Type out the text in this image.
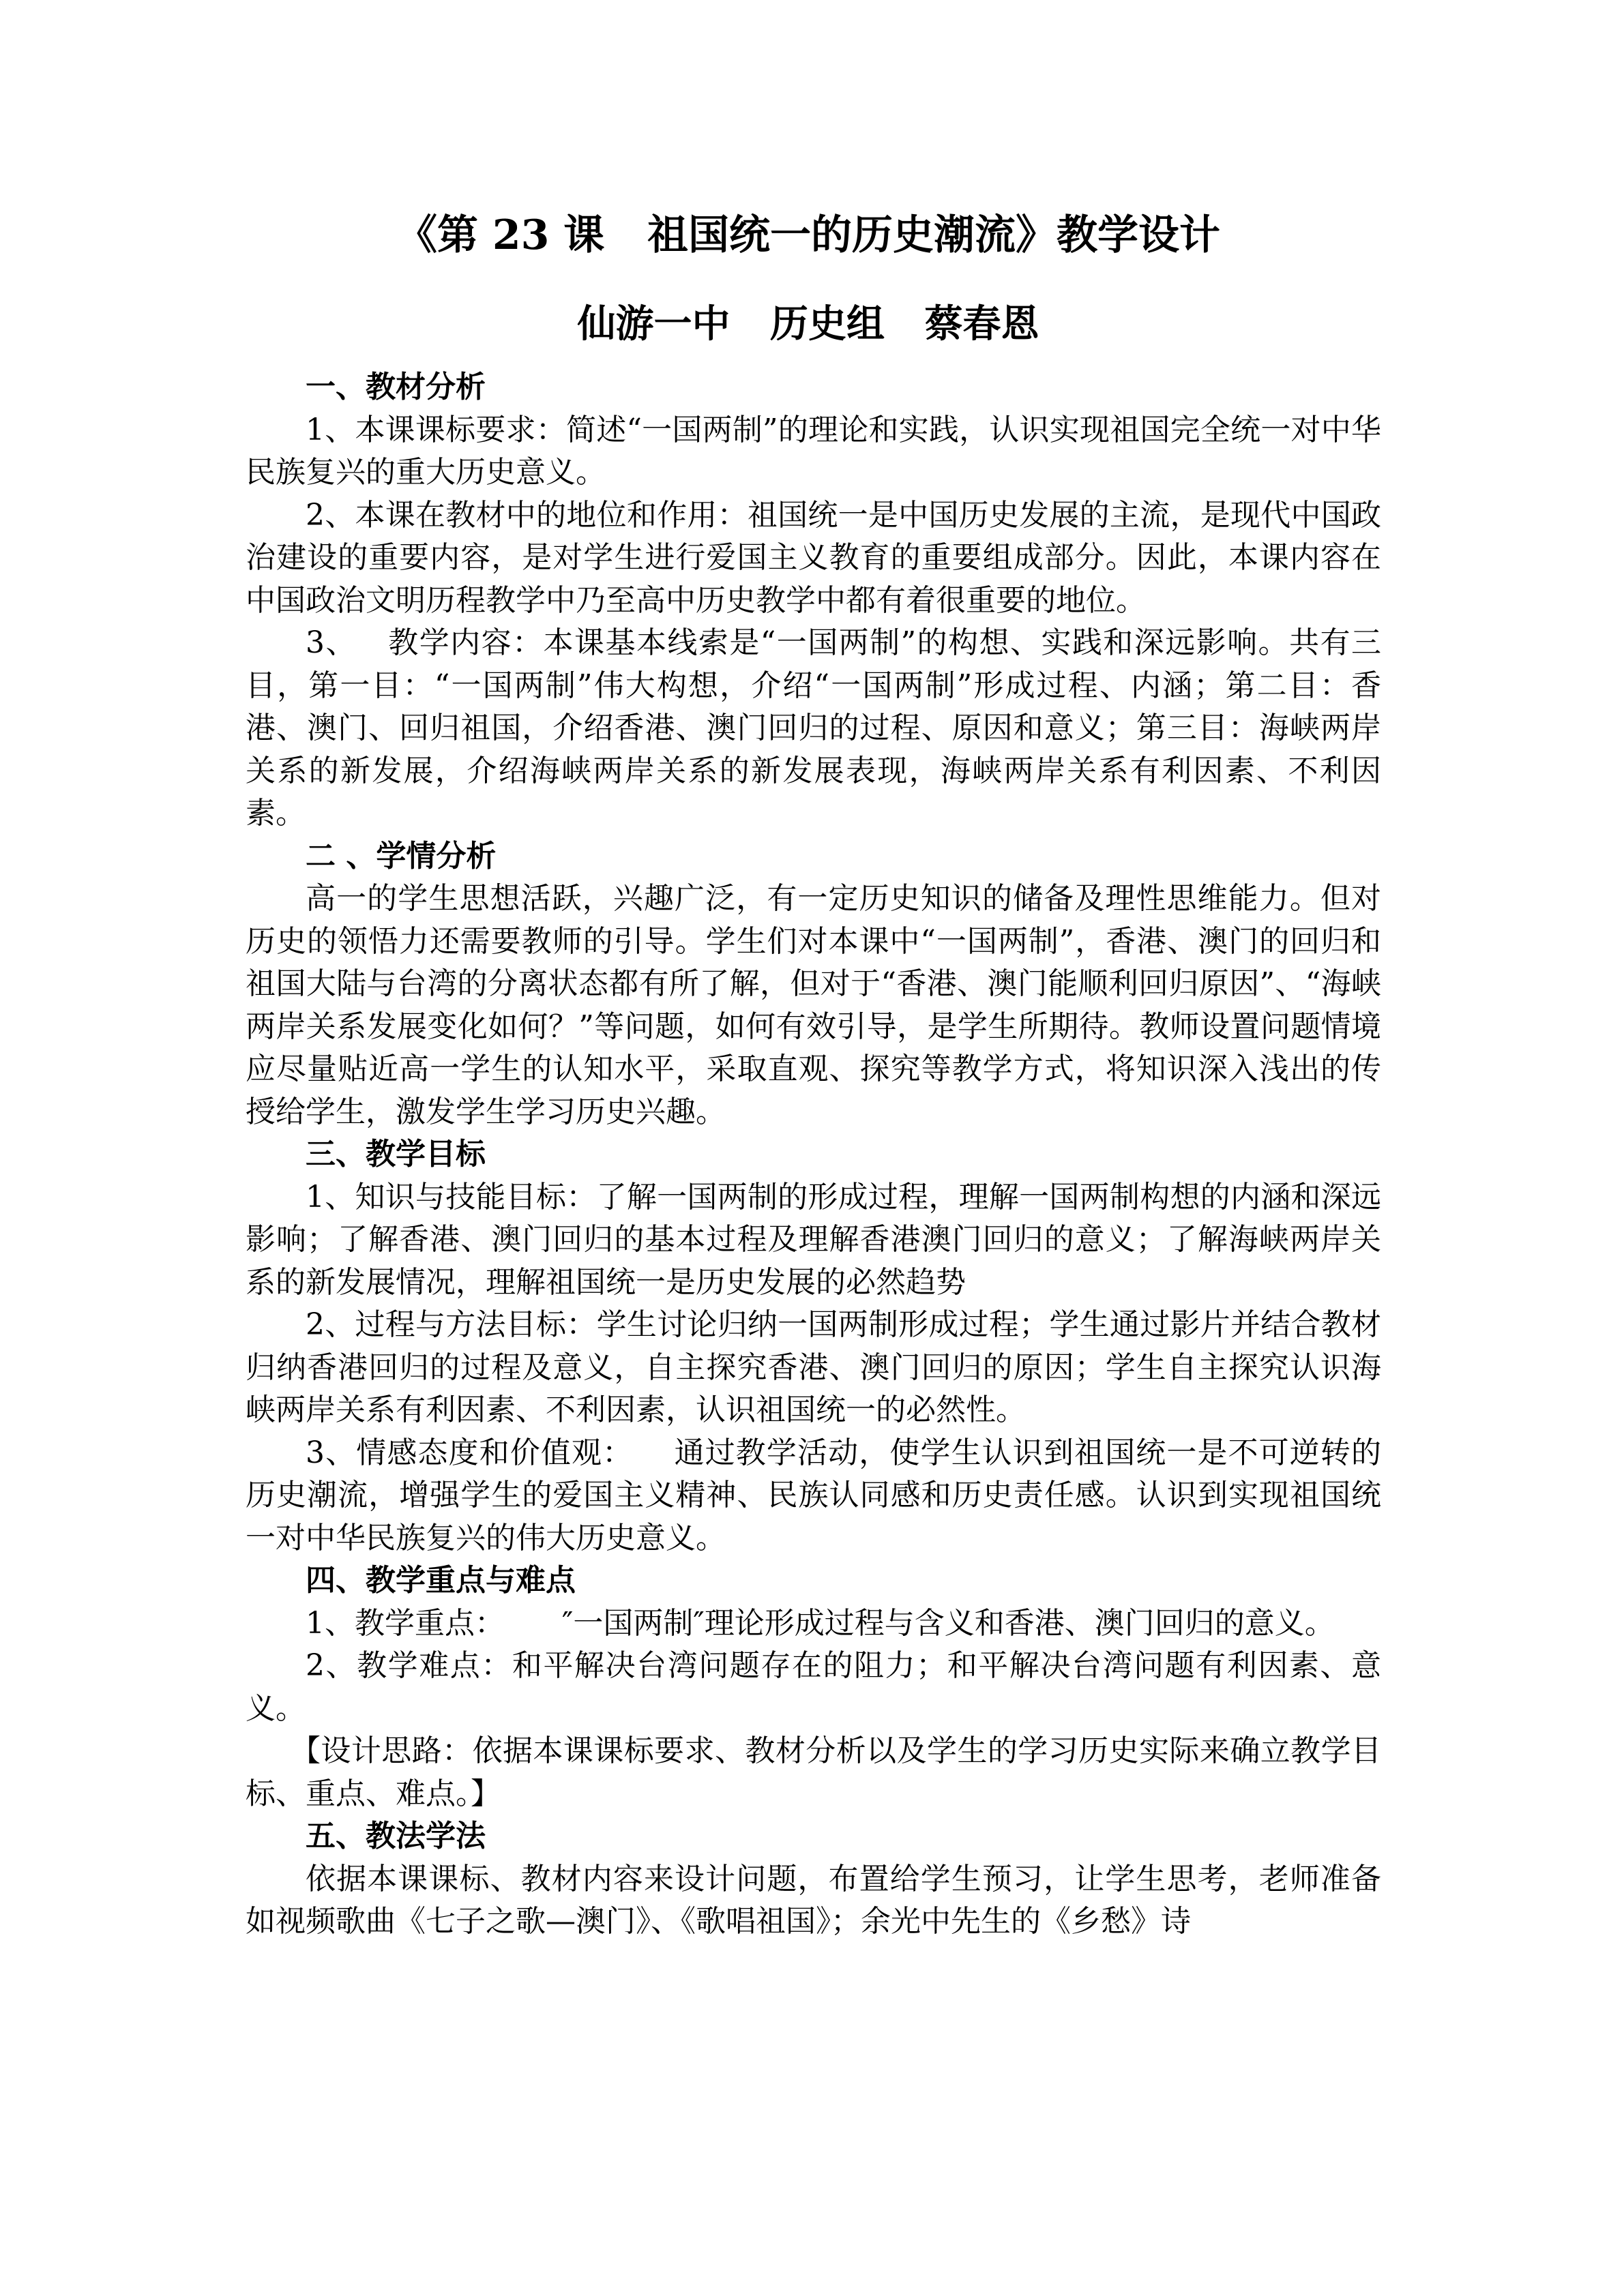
《第 23 课   祖国统一的历史潮流》教学设计
仙游一中   历史组   蔡春恩

一、教材分析

1、本课课标要求：简述“一国两制”的理论和实践，认识实现祖国完全统一对中华民族复兴的重大历史意义。

2、本课在教材中的地位和作用：祖国统一是中国历史发展的主流，是现代中国政治建设的重要内容，是对学生进行爱国主义教育的重要组成部分。因此，本课内容在中国政治文明历程教学中乃至高中历史教学中都有着很重要的地位。

3、   教学内容：本课基本线索是“一国两制”的构想、实践和深远影响。共有三目，第一目：“一国两制”伟大构想，介绍“一国两制”形成过程、内涵；第二目：香港、澳门、回归祖国，介绍香港、澳门回归的过程、原因和意义；第三目：海峡两岸关系的新发展，介绍海峡两岸关系的新发展表现，海峡两岸关系有利因素、不利因素。

二 、学情分析

高一的学生思想活跃，兴趣广泛，有一定历史知识的储备及理性思维能力。但对历史的领悟力还需要教师的引导。学生们对本课中“一国两制”，香港、澳门的回归和祖国大陆与台湾的分离状态都有所了解，但对于“香港、澳门能顺利回归原因”、“海峡两岸关系发展变化如何？”等问题，如何有效引导，是学生所期待。教师设置问题情境应尽量贴近高一学生的认知水平，采取直观、探究等教学方式，将知识深入浅出的传授给学生，激发学生学习历史兴趣。

三、教学目标

1、知识与技能目标：了解一国两制的形成过程，理解一国两制构想的内涵和深远影响；了解香港、澳门回归的基本过程及理解香港澳门回归的意义；了解海峡两岸关系的新发展情况，理解祖国统一是历史发展的必然趋势

2、过程与方法目标：学生讨论归纳一国两制形成过程；学生通过影片并结合教材归纳香港回归的过程及意义，自主探究香港、澳门回归的原因；学生自主探究认识海峡两岸关系有利因素、不利因素，认识祖国统一的必然性。

3、情感态度和价值观：    通过教学活动，使学生认识到祖国统一是不可逆转的历史潮流，增强学生的爱国主义精神、民族认同感和历史责任感。认识到实现祖国统一对中华民族复兴的伟大历史意义。

四、教学重点与难点

1、教学重点：      ″一国两制″理论形成过程与含义和香港、澳门回归的意义。

2、教学难点：和平解决台湾问题存在的阻力；和平解决台湾问题有利因素、意义。

【设计思路：依据本课课标要求、教材分析以及学生的学习历史实际来确立教学目标、重点、难点。】

五、教法学法

依据本课课标、教材内容来设计问题，布置给学生预习，让学生思考，老师准备如视频歌曲《七子之歌—澳门》、《歌唱祖国》；余光中先生的《乡愁》诗
